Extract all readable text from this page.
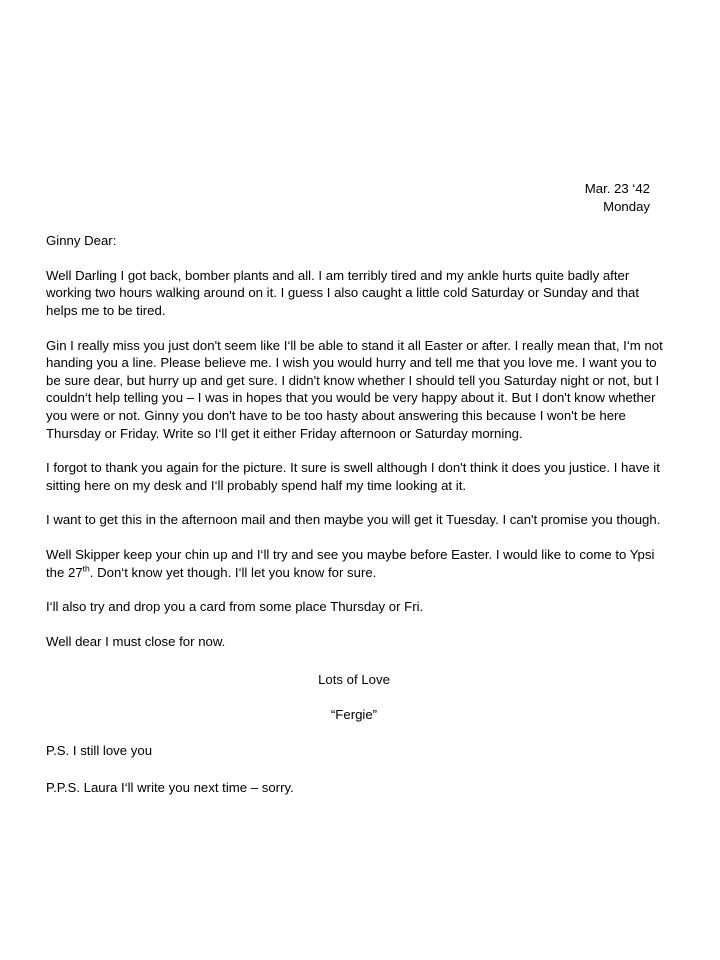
Mar. 23 ‘42
Monday
Ginny Dear:
Well Darling I got back, bomber plants and all. I am terribly tired and my ankle hurts quite badly after working two hours walking around on it. I guess I also caught a little cold Saturday or Sunday and that helps me to be tired.
Gin I really miss you just don't seem like I‘ll be able to stand it all Easter or after. I really mean that, I‘m not handing you a line. Please believe me. I wish you would hurry and tell me that you love me. I want you to be sure dear, but hurry up and get sure. I didn't know whether I should tell you Saturday night or not, but I couldn‘t help telling you – I was in hopes that you would be very happy about it. But I don't know whether you were or not. Ginny you don't have to be too hasty about answering this because I won't be here Thursday or Friday. Write so I‘ll get it either Friday afternoon or Saturday morning.
I forgot to thank you again for the picture. It sure is swell although I don't think it does you justice. I have it sitting here on my desk and I‘ll probably spend half my time looking at it.
I want to get this in the afternoon mail and then maybe you will get it Tuesday. I can't promise you though.
Well Skipper keep your chin up and I‘ll try and see you maybe before Easter. I would like to come to Ypsi the 27th. Don‘t know yet though. I‘ll let you know for sure.
I‘ll also try and drop you a card from some place Thursday or Fri.
Well dear I must close for now.
Lots of Love
“Fergie”
P.S. I still love you
P.P.S. Laura I‘ll write you next time – sorry.
